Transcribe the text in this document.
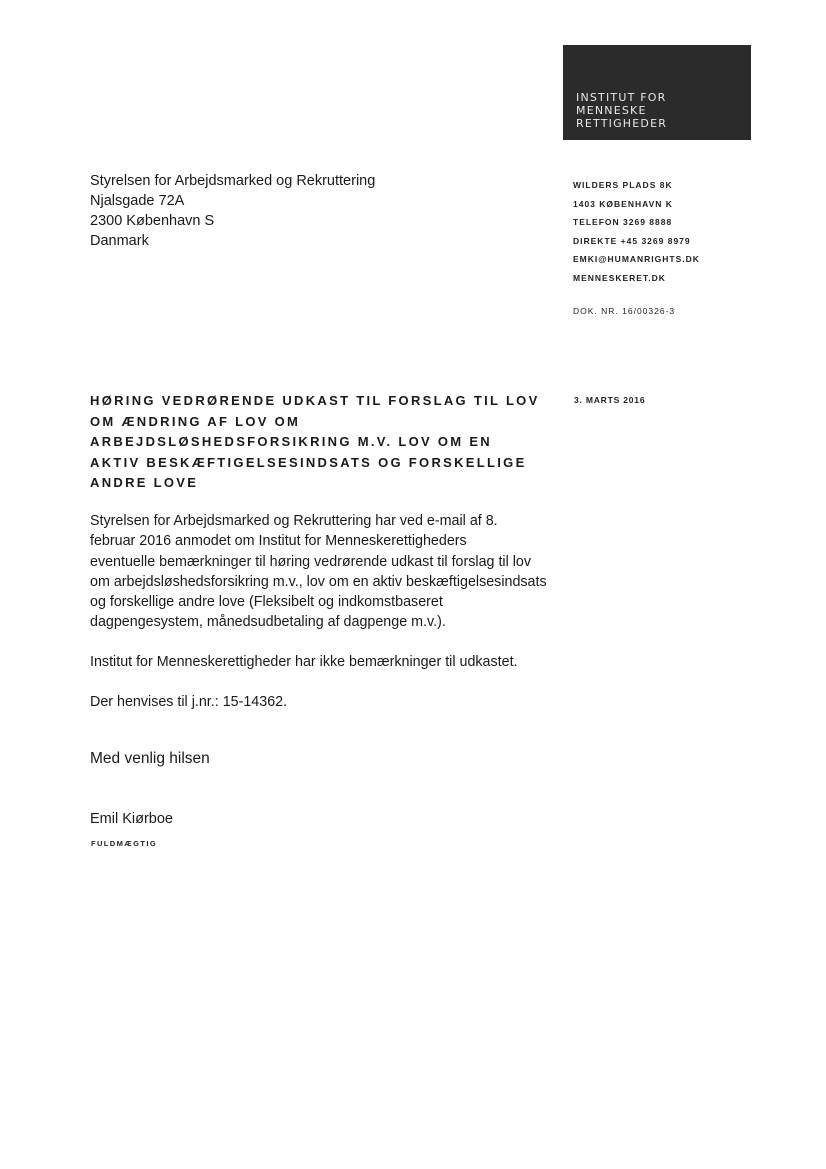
INSTITUT FOR
MENNESKE
RETTIGHEDER
Styrelsen for Arbejdsmarked og Rekruttering
Njalsgade 72A
2300 København S
Danmark
WILDERS PLADS 8K
1403 KØBENHAVN K
TELEFON 3269 8888
DIREKTE +45 3269 8979
EMKI@HUMANRIGHTS.DK
MENNESKERET.DK
DOK. NR. 16/00326-3
3. MARTS 2016
HØRING VEDRØRENDE UDKAST TIL FORSLAG TIL LOV
OM ÆNDRING AF LOV OM
ARBEJDSLØSHEDSFORSIKRING M.V. LOV OM EN
AKTIV BESKÆFTIGELSESINDSATS OG FORSKELLIGE
ANDRE LOVE
Styrelsen for Arbejdsmarked og Rekruttering har ved e-mail af 8.
februar 2016 anmodet om Institut for Menneskerettigheders
eventuelle bemærkninger til høring vedrørende udkast til forslag til lov
om arbejdsløshedsforsikring m.v., lov om en aktiv beskæftigelsesindsats
og forskellige andre love (Fleksibelt og indkomstbaseret
dagpengesystem, månedsudbetaling af dagpenge m.v.).
Institut for Menneskerettigheder har ikke bemærkninger til udkastet.
Der henvises til j.nr.: 15-14362.
Med venlig hilsen
Emil Kiørboe
FULDMÆGTIG
